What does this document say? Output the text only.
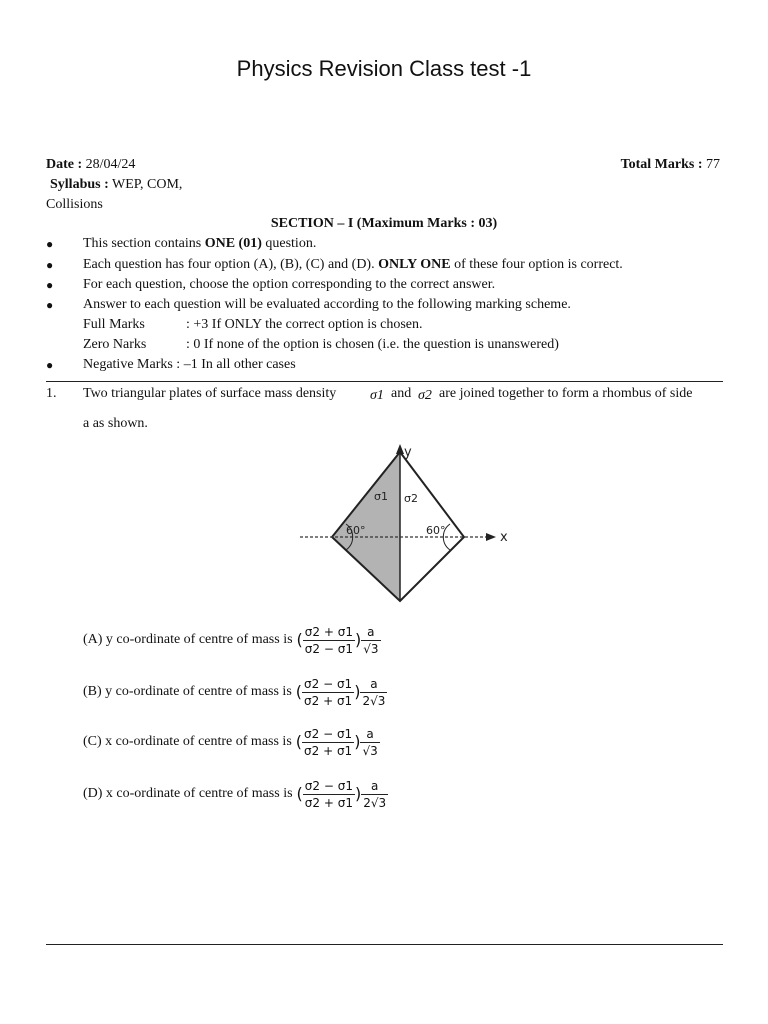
Physics Revision Class test -1
Date : 28/04/24	Total Marks : 77
Syllabus : WEP, COM,
Collisions
SECTION – I (Maximum Marks : 03)
● This section contains ONE (01) question.
● Each question has four option (A), (B), (C) and (D). ONLY ONE of these four option is correct.
● For each question, choose the option corresponding to the correct answer.
● Answer to each question will be evaluated according to the following marking scheme.
Full Marks	: +3 If ONLY the correct option is chosen.
Zero Narks	: 0 If none of the option is chosen (i.e. the question is unanswered)
● Negative Marks : –1 In all other cases
1. Two triangular plates of surface mass density σ1 and σ2 are joined together to form a rhombus of side
a as shown.
60°	60°
σ1 σ2
y
x
(A) y co-ordinate of centre of mass is ( $\frac{\sigma 2 + \sigma 1}{\sigma 2 - \sigma 1}$ ) $\frac{a}{√3}$
(B) y co-ordinate of centre of mass is ( $\frac{\sigma 2 - \sigma 1}{\sigma 2 + \sigma 1}$ ) $\frac{a}{2√3}$
(C) x co-ordinate of centre of mass is ( $\frac{\sigma 2 - \sigma 1}{\sigma 2 + \sigma 1}$ ) $\frac{a}{√3}$
(D) x co-ordinate of centre of mass is ( $\frac{\sigma 2 - \sigma 1}{\sigma 2 + \sigma 1}$ ) $\frac{a}{2√3}$
